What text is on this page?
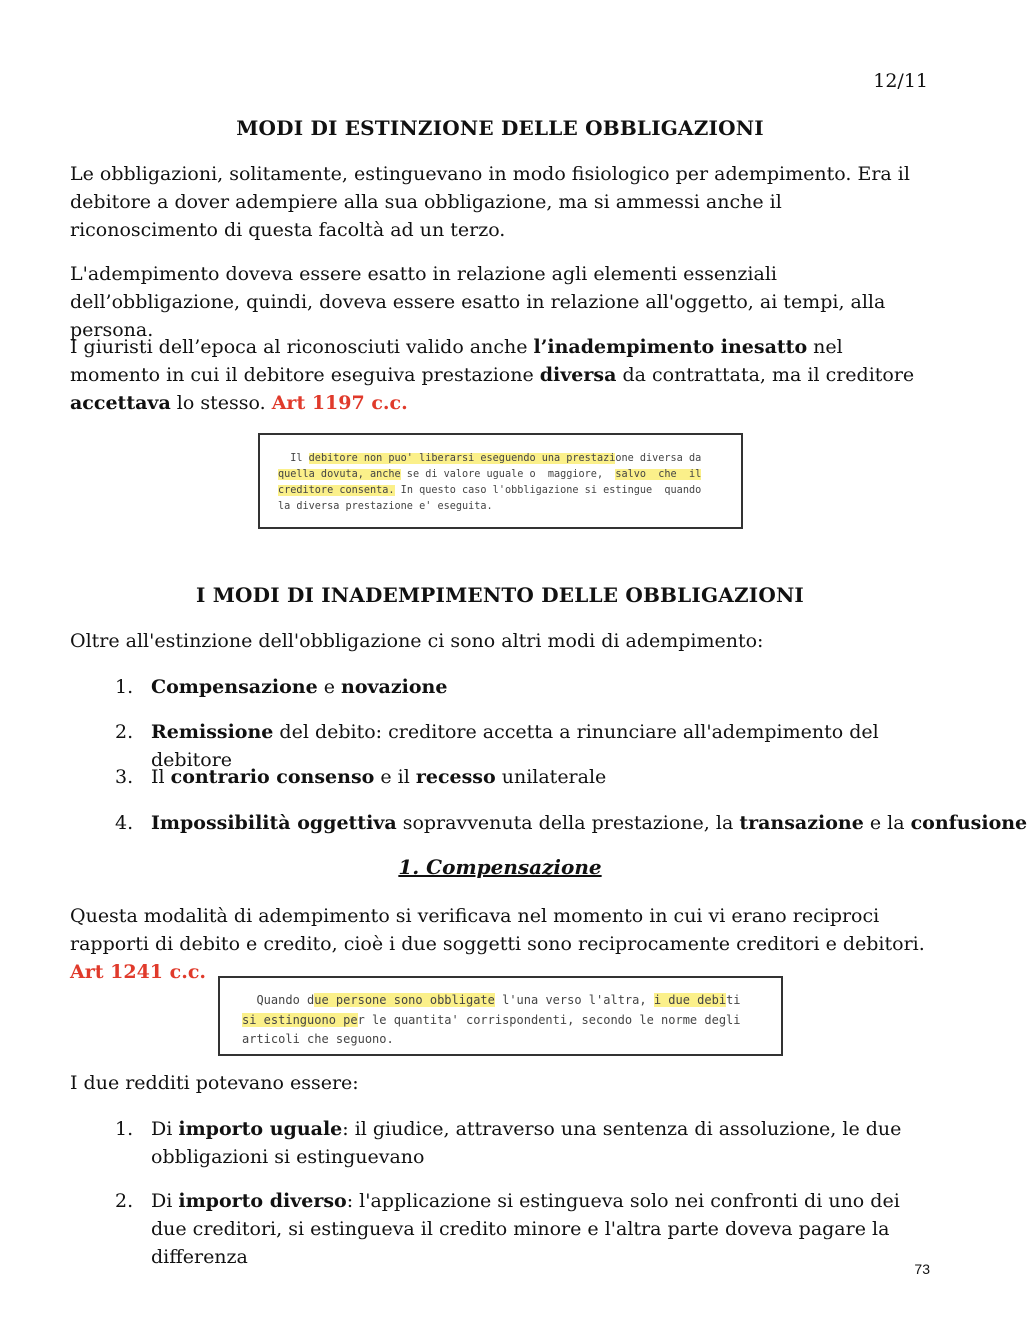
12/11
MODI DI ESTINZIONE DELLE OBBLIGAZIONI
Le obbligazioni, solitamente, estinguevano in modo fisiologico per adempimento. Era il debitore a dover adempiere alla sua obbligazione, ma si ammessi anche il riconoscimento di questa facoltà ad un terzo.
L'adempimento doveva essere esatto in relazione agli elementi essenziali dell’obbligazione, quindi, doveva essere esatto in relazione all'oggetto, ai tempi, alla persona.
I giuristi dell’epoca al riconosciuti valido anche l’inadempimento inesatto nel momento in cui il debitore eseguiva prestazione diversa da contrattata, ma il creditore accettava lo stesso. Art 1197 c.c.
Il debitore non puo' liberarsi eseguendo una prestazione diversa da
quella dovuta, anche se di valore uguale o  maggiore,  salvo  che  il
creditore consenta. In questo caso l'obbligazione si estingue  quando
la diversa prestazione e' eseguita.
I MODI DI INADEMPIMENTO DELLE OBBLIGAZIONI
Oltre all'estinzione dell'obbligazione ci sono altri modi di adempimento:
1. Compensazione e novazione
2. Remissione del debito: creditore accetta a rinunciare all'adempimento del debitore
3. Il contrario consenso e il recesso unilaterale
4. Impossibilità oggettiva sopravvenuta della prestazione, la transazione e la confusione
1. Compensazione
Questa modalità di adempimento si verificava nel momento in cui vi erano reciproci rapporti di debito e credito, cioè i due soggetti sono reciprocamente creditori e debitori. Art 1241 c.c.
Quando due persone sono obbligate l'una verso l'altra, i due debiti
si estinguono per le quantita' corrispondenti, secondo le norme degli
articoli che seguono.
I due redditi potevano essere:
1. Di importo uguale: il giudice, attraverso una sentenza di assoluzione, le due obbligazioni si estinguevano
2. Di importo diverso: l'applicazione si estingueva solo nei confronti di uno dei due creditori, si estingueva il credito minore e l'altra parte doveva pagare la differenza
73
